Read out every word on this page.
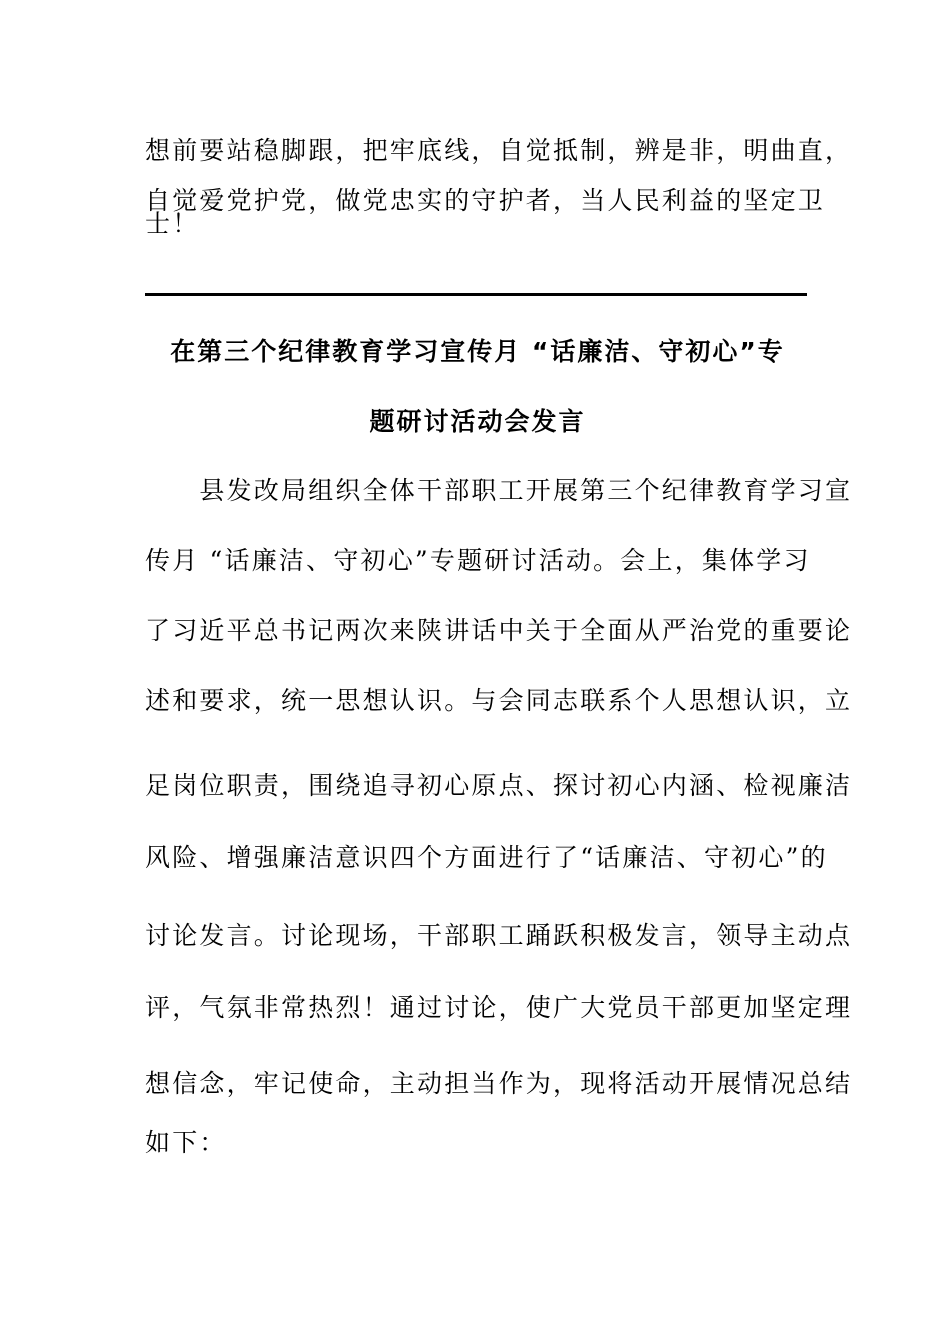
想前要站稳脚跟，把牢底线，自觉抵制，辨是非，明曲直，
自觉爱党护党，做党忠实的守护者，当人民利益的坚定卫
士！
在第三个纪律教育学习宣传月 “话廉洁、守初心”专
题研讨活动会发言
　　县发改局组织全体干部职工开展第三个纪律教育学习宣
传月 “话廉洁、守初心”专题研讨活动。会上，集体学习
了习近平总书记两次来陕讲话中关于全面从严治党的重要论
述和要求，统一思想认识。与会同志联系个人思想认识，立
足岗位职责，围绕追寻初心原点、探讨初心内涵、检视廉洁
风险、增强廉洁意识四个方面进行了“话廉洁、守初心”的
讨论发言。讨论现场，干部职工踊跃积极发言，领导主动点
评，气氛非常热烈！通过讨论，使广大党员干部更加坚定理
想信念，牢记使命，主动担当作为，现将活动开展情况总结
如下：
